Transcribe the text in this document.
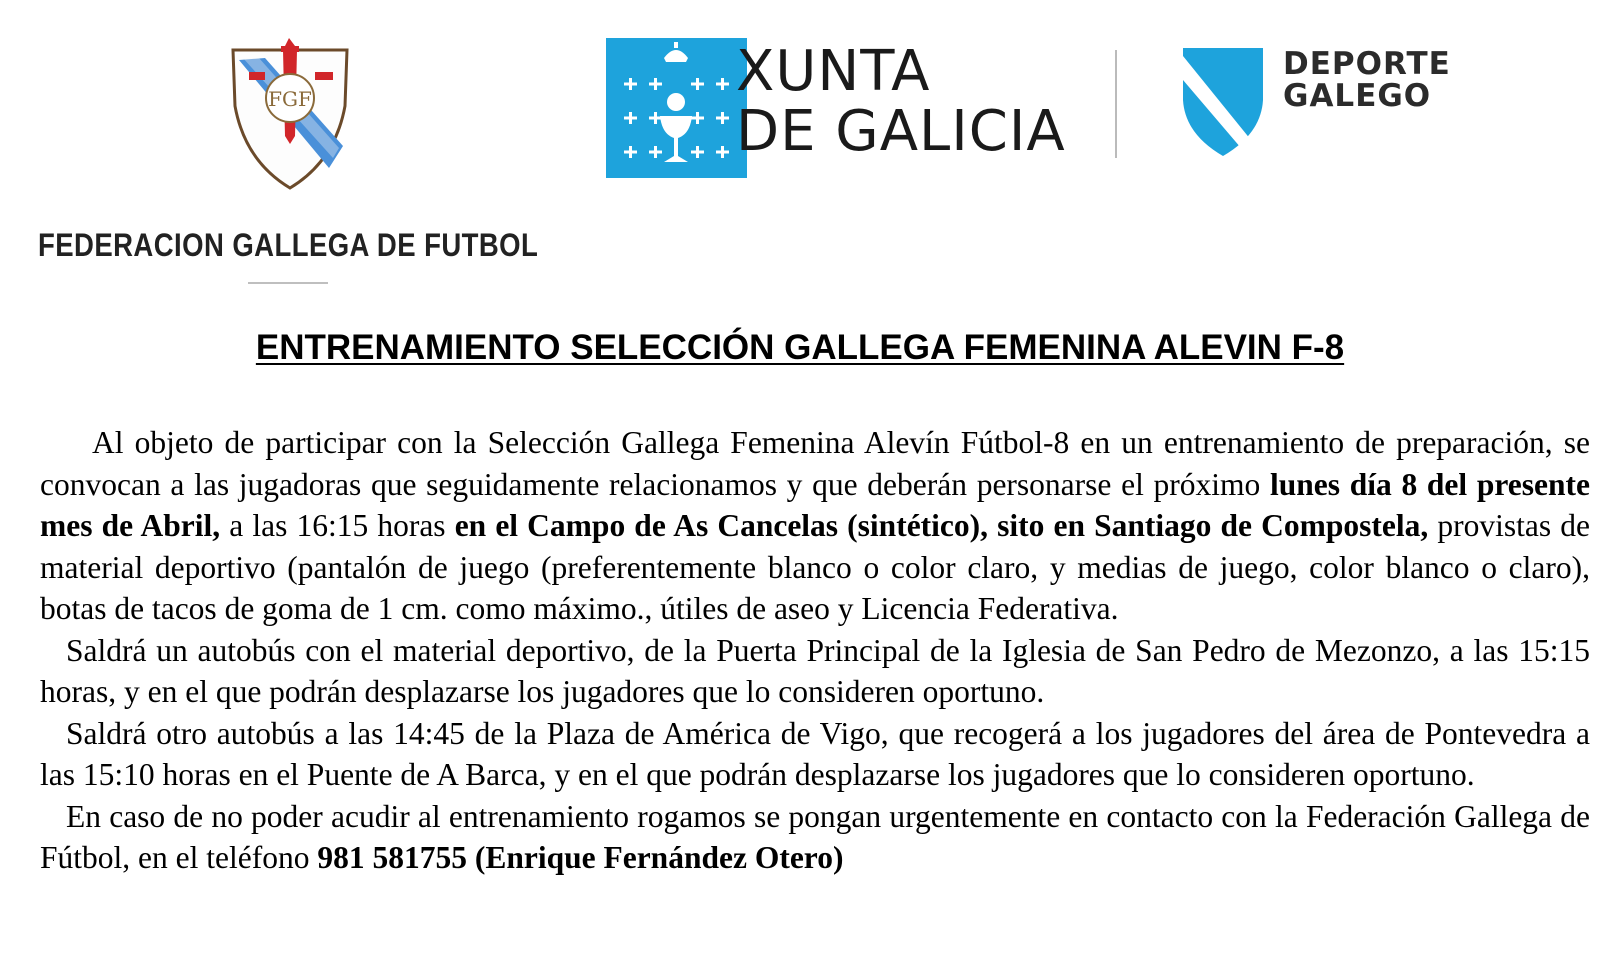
FGF
FEDERACION GALLEGA DE FUTBOL
XUNTA
DE GALICIA
DEPORTE
GALEGO
ENTRENAMIENTO SELECCIÓN GALLEGA FEMENINA ALEVIN F-8

Al objeto de participar con la Selección Gallega Femenina Alevín Fútbol-8 en un entrenamiento de preparación, se convocan a las jugadoras que seguidamente relacionamos y que deberán personarse el próximo lunes día 8 del presente mes de Abril, a las 16:15 horas en el Campo de As Cancelas (sintético), sito en Santiago de Compostela, provistas de material deportivo (pantalón de juego (preferentemente blanco o color claro, y medias de juego, color blanco o claro), botas de tacos de goma de 1 cm. como máximo., útiles de aseo y Licencia Federativa.

Saldrá un autobús con el material deportivo, de la Puerta Principal de la Iglesia de San Pedro de Mezonzo, a las 15:15 horas, y en el que podrán desplazarse los jugadores que lo consideren oportuno.

Saldrá otro autobús a las 14:45 de la Plaza de América de Vigo, que recogerá a los jugadores del área de Pontevedra a las 15:10 horas en el Puente de A Barca, y en el que podrán desplazarse los jugadores que lo consideren oportuno.

En caso de no poder acudir al entrenamiento rogamos se pongan urgentemente en contacto con la Federación Gallega de Fútbol, en el teléfono 981 581755 (Enrique Fernández Otero)
